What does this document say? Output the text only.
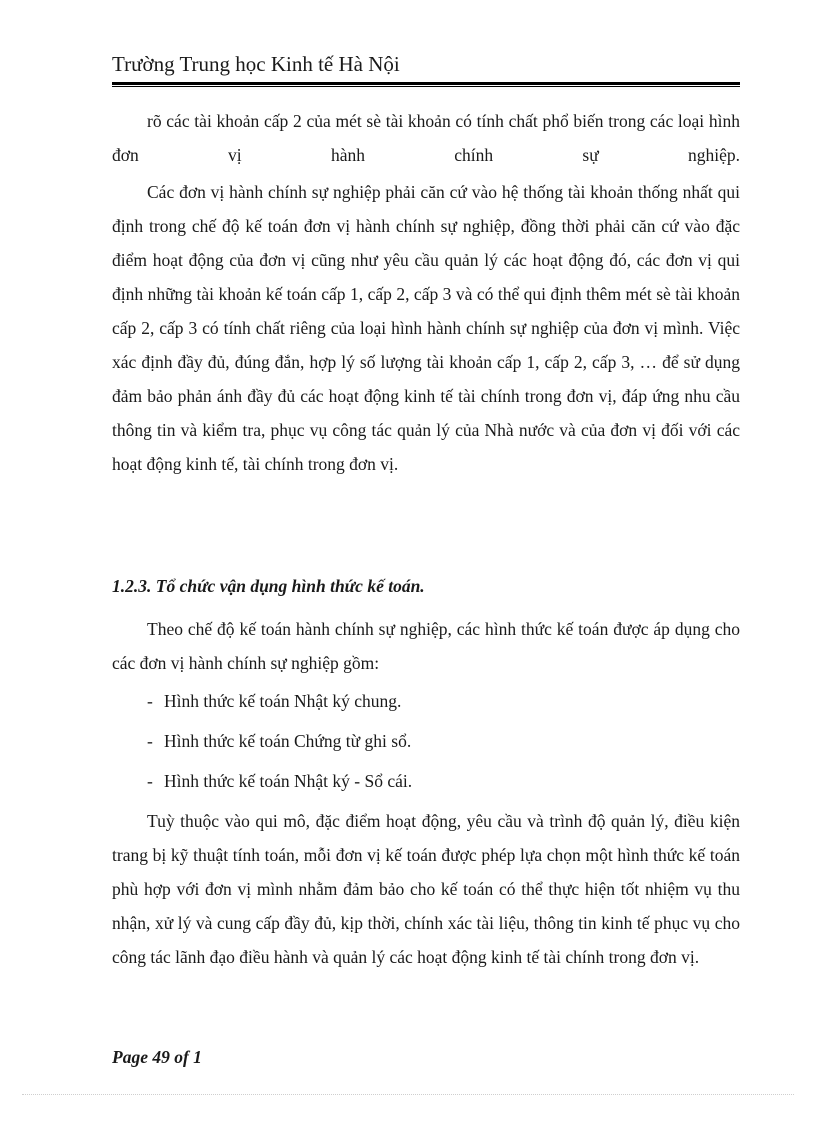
Trường Trung học Kinh tế Hà Nội

rõ các tài khoản cấp 2 của mét sè tài khoản có tính chất phổ biến trong các loại hình đơn vị hành chính sự nghiệp.

Các đơn vị hành chính sự nghiệp phải căn cứ vào hệ thống tài khoản thống nhất qui định trong chế độ kế toán đơn vị hành chính sự nghiệp, đồng thời phải căn cứ vào đặc điểm hoạt động của đơn vị cũng như yêu cầu quản lý các hoạt động đó, các đơn vị qui định những tài khoản kế toán cấp 1, cấp 2, cấp 3 và có thể qui định thêm mét sè tài khoản cấp 2, cấp 3 có tính chất riêng của loại hình hành chính sự nghiệp của đơn vị mình. Việc xác định đầy đủ, đúng đắn, hợp lý số lượng tài khoản cấp 1, cấp 2, cấp 3, … để sử dụng đảm bảo phản ánh đầy đủ các hoạt động kinh tế tài chính trong đơn vị, đáp ứng nhu cầu thông tin và kiểm tra, phục vụ công tác quản lý của Nhà nước và của đơn vị đối với các hoạt động kinh tế, tài chính trong đơn vị.

1.2.3. Tổ chức vận dụng hình thức kế toán.

Theo chế độ kế toán hành chính sự nghiệp, các hình thức kế toán được áp dụng cho các đơn vị hành chính sự nghiệp gồm:

- Hình thức kế toán Nhật ký chung.
- Hình thức kế toán Chứng từ ghi sổ.
- Hình thức kế toán Nhật ký - Sổ cái.

Tuỳ thuộc vào qui mô, đặc điểm hoạt động, yêu cầu và trình độ quản lý, điều kiện trang bị kỹ thuật tính toán, mỗi đơn vị kế toán được phép lựa chọn một hình thức kế toán phù hợp với đơn vị mình nhằm đảm bảo cho kế toán có thể thực hiện tốt nhiệm vụ thu nhận, xử lý và cung cấp đầy đủ, kịp thời, chính xác tài liệu, thông tin kinh tế phục vụ cho công tác lãnh đạo điều hành và quản lý các hoạt động kinh tế tài chính trong đơn vị.

Page 49 of 1
